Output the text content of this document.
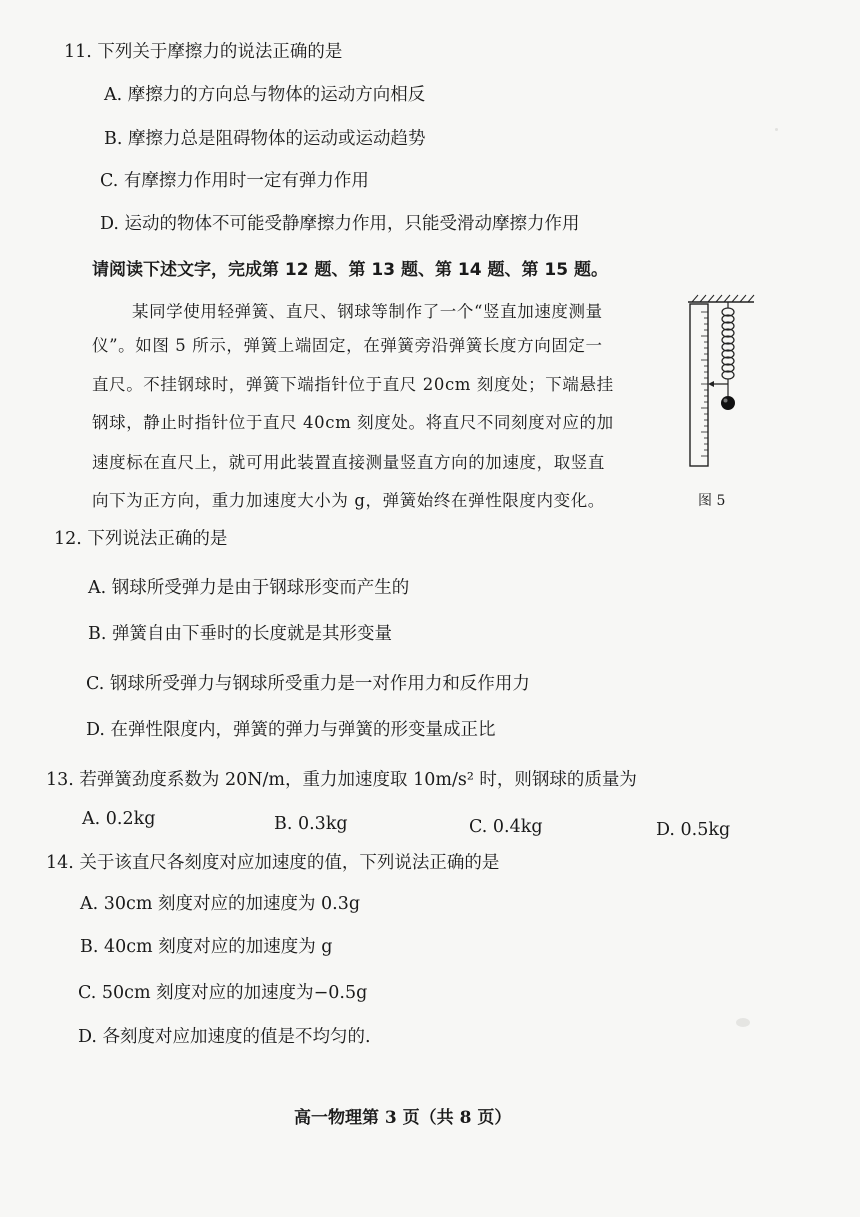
11. 下列关于摩擦力的说法正确的是
A. 摩擦力的方向总与物体的运动方向相反
B. 摩擦力总是阻碍物体的运动或运动趋势
C. 有摩擦力作用时一定有弹力作用
D. 运动的物体不可能受静摩擦力作用，只能受滑动摩擦力作用
请阅读下述文字，完成第 12 题、第 13 题、第 14 题、第 15 题。
某同学使用轻弹簧、直尺、钢球等制作了一个“竖直加速度测量
仪”。如图 5 所示，弹簧上端固定，在弹簧旁沿弹簧长度方向固定一
直尺。不挂钢球时，弹簧下端指针位于直尺 20cm 刻度处；下端悬挂
钢球，静止时指针位于直尺 40cm 刻度处。将直尺不同刻度对应的加
速度标在直尺上，就可用此装置直接测量竖直方向的加速度，取竖直
向下为正方向，重力加速度大小为 g，弹簧始终在弹性限度内变化。	图 5
12. 下列说法正确的是
A. 钢球所受弹力是由于钢球形变而产生的
B. 弹簧自由下垂时的长度就是其形变量
C. 钢球所受弹力与钢球所受重力是一对作用力和反作用力
D. 在弹性限度内，弹簧的弹力与弹簧的形变量成正比
13. 若弹簧劲度系数为 20N/m，重力加速度取 10m/s² 时，则钢球的质量为
A. 0.2kg	B. 0.3kg	C. 0.4kg	D. 0.5kg
14. 关于该直尺各刻度对应加速度的值，下列说法正确的是
A. 30cm 刻度对应的加速度为 0.3g
B. 40cm 刻度对应的加速度为 g
C. 50cm 刻度对应的加速度为−0.5g
D. 各刻度对应加速度的值是不均匀的.
高一物理第 3 页（共 8 页）
